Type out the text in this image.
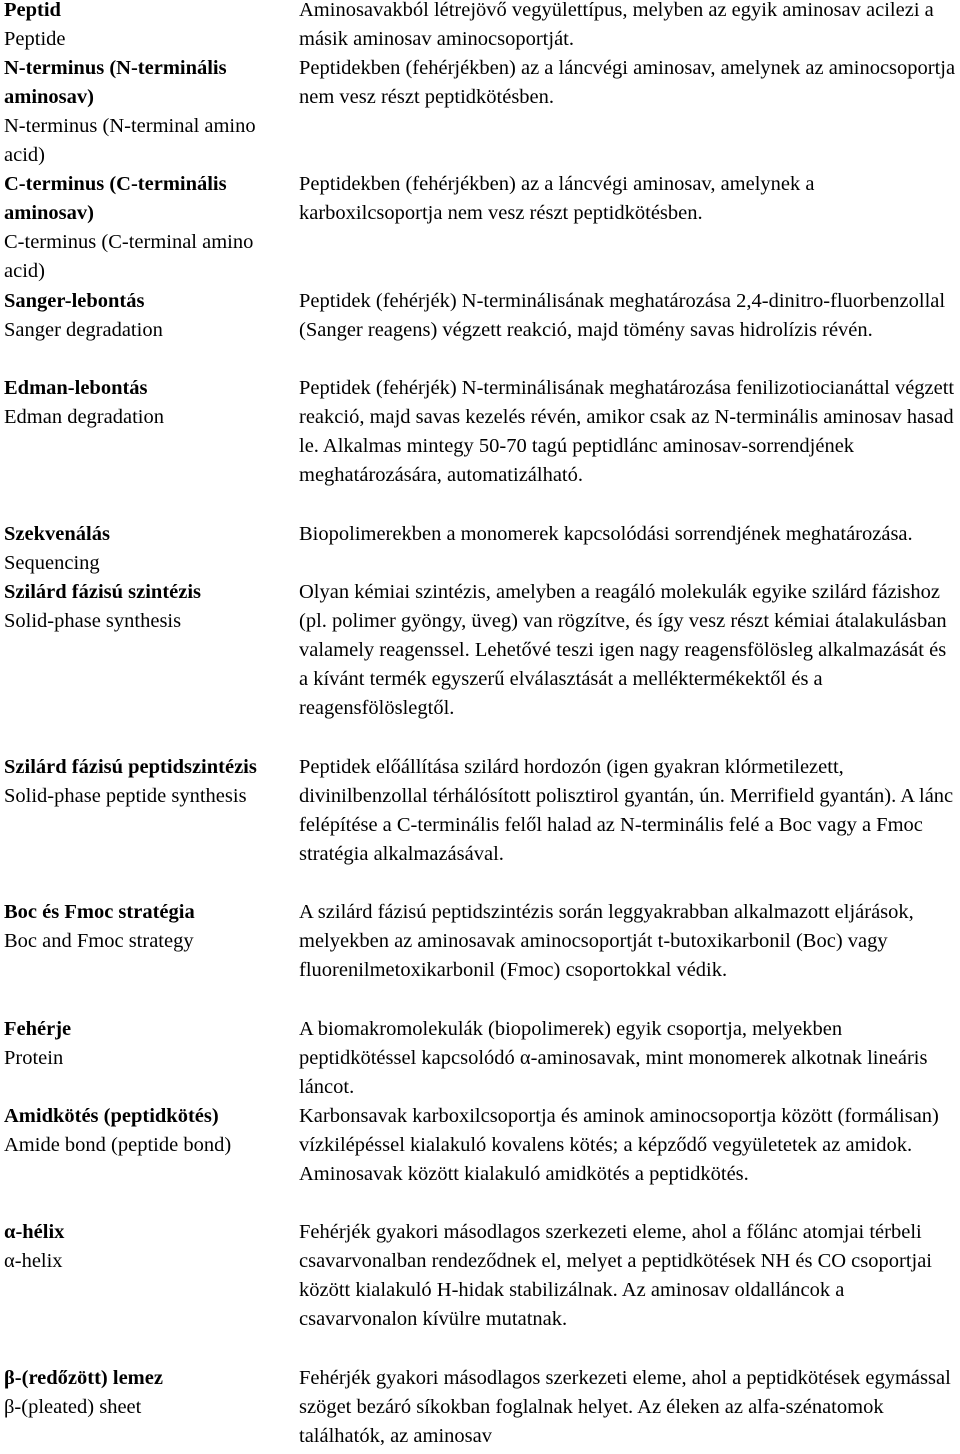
Peptid
Peptide
Aminosavakból létrejövő vegyülettípus, melyben az egyik aminosav acilezi a másik aminosav aminocsoportját.
N-terminus (N-terminális aminosav)
N-terminus (N-terminal amino acid)
Peptidekben (fehérjékben) az a láncvégi aminosav, amelynek az aminocsoportja nem vesz részt peptidkötésben.
C-terminus (C-terminális aminosav)
C-terminus (C-terminal amino acid)
Peptidekben (fehérjékben) az a láncvégi aminosav, amelynek a karboxilcsoportja nem vesz részt peptidkötésben.
Sanger-lebontás
Sanger degradation
Peptidek (fehérjék) N-terminálisának meghatározása 2,4-dinitro-fluorbenzollal (Sanger reagens) végzett reakció, majd tömény savas hidrolízis révén.
Edman-lebontás
Edman degradation
Peptidek (fehérjék) N-terminálisának meghatározása fenilizotiocianáttal végzett reakció, majd savas kezelés révén, amikor csak az N-terminális aminosav hasad le. Alkalmas mintegy 50-70 tagú peptidlánc aminosav-sorrendjének meghatározására, automatizálható.
Szekvenálás
Sequencing
Biopolimerekben a monomerek kapcsolódási sorrendjének meghatározása.
Szilárd fázisú szintézis
Solid-phase synthesis
Olyan kémiai szintézis, amelyben a reagáló molekulák egyike szilárd fázishoz (pl. polimer gyöngy, üveg) van rögzítve, és így vesz részt kémiai átalakulásban valamely reagenssel. Lehetővé teszi igen nagy reagensfölösleg alkalmazását és a kívánt termék egyszerű elválasztását a melléktermékektől és a reagensfölöslegtől.
Szilárd fázisú peptidszintézis
Solid-phase peptide synthesis
Peptidek előállítása szilárd hordozón (igen gyakran klórmetilezett, divinilbenzollal térhálósított polisztirol gyantán, ún. Merrifield gyantán). A lánc felépítése a C-terminális felől halad az N-terminális felé a Boc vagy a Fmoc stratégia alkalmazásával.
Boc és Fmoc stratégia
Boc and Fmoc strategy
A szilárd fázisú peptidszintézis során leggyakrabban alkalmazott eljárások, melyekben az aminosavak aminocsoportját t-butoxikarbonil (Boc) vagy fluorenilmetoxikarbonil (Fmoc) csoportokkal védik.
Fehérje
Protein
A biomakromolekulák (biopolimerek) egyik csoportja, melyekben peptidkötéssel kapcsolódó α-aminosavak, mint monomerek alkotnak lineáris láncot.
Amidkötés (peptidkötés)
Amide bond (peptide bond)
Karbonsavak karboxilcsoportja és aminok aminocsoportja között (formálisan) vízkilépéssel kialakuló kovalens kötés; a képződő vegyületetek az amidok. Aminosavak között kialakuló amidkötés a peptidkötés.
α-hélix
α-helix
Fehérjék gyakori másodlagos szerkezeti eleme, ahol a főlánc atomjai térbeli csavarvonalban rendeződnek el, melyet a peptidkötések NH és CO csoportjai között kialakuló H-hidak stabilizálnak. Az aminosav oldalláncok a csavarvonalon kívülre mutatnak.
β-(redőzött) lemez
β-(pleated) sheet
Fehérjék gyakori másodlagos szerkezeti eleme, ahol a peptidkötések egymással szöget bezáró síkokban foglalnak helyet. Az éleken az alfa-szénatomok találhatók, az aminosav
